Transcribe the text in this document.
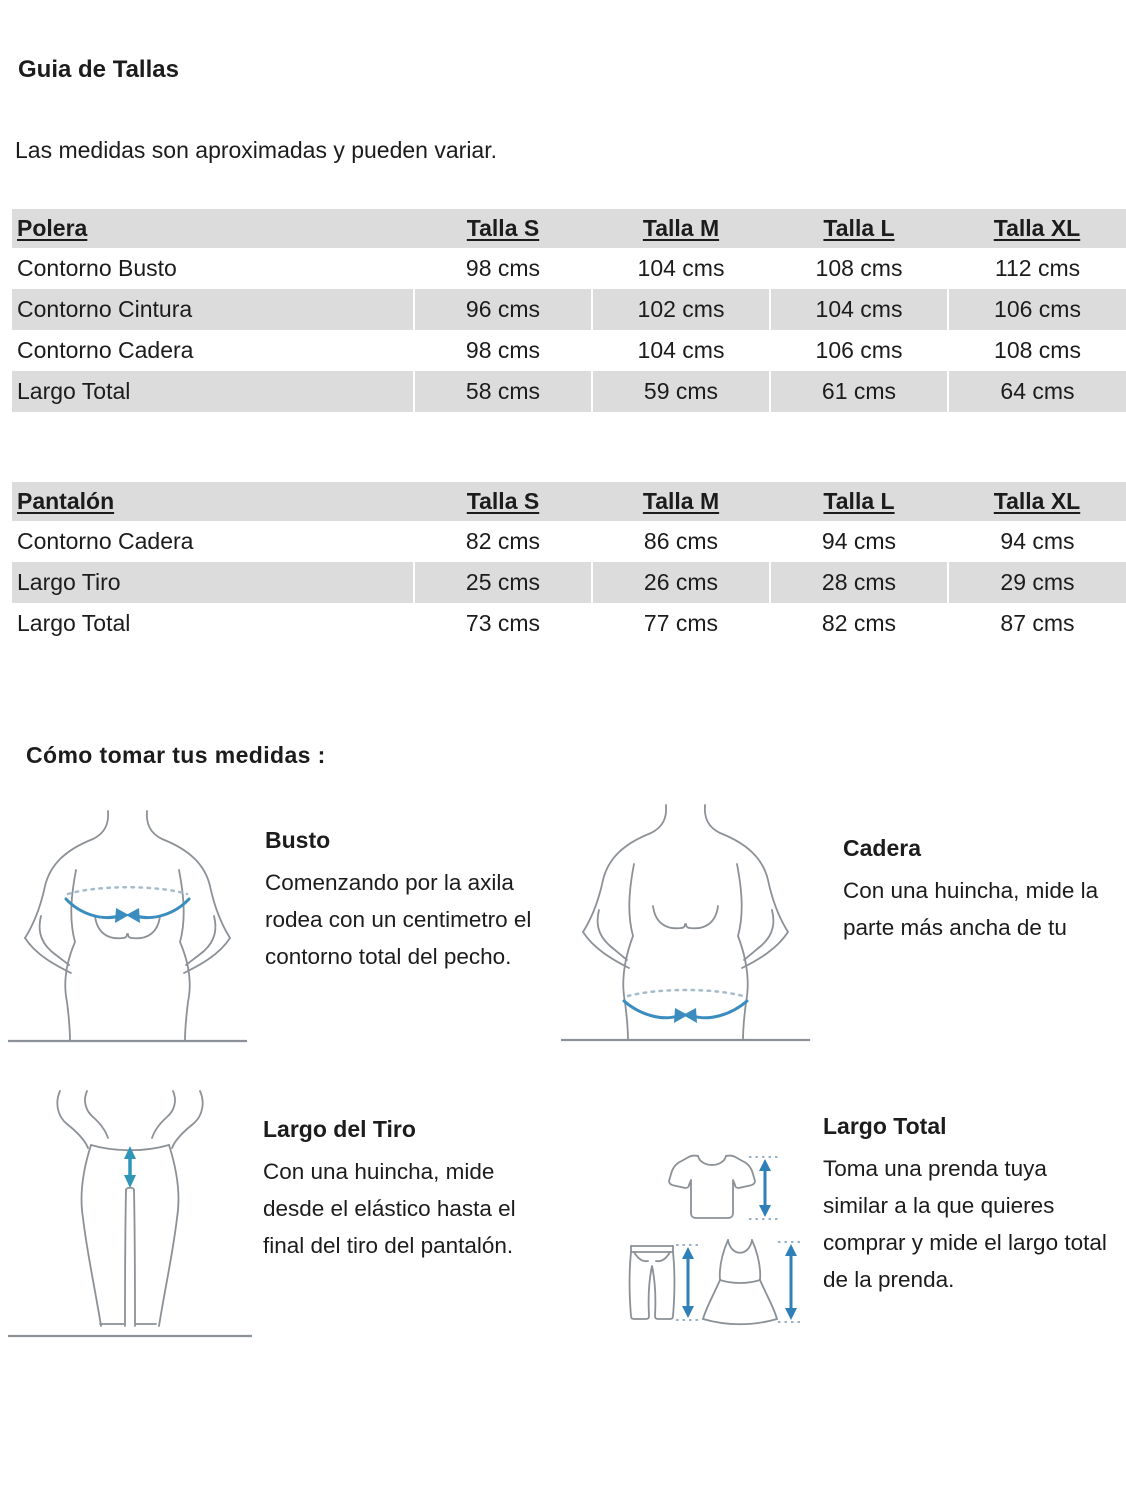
Guia de Tallas
Las medidas son aproximadas y pueden variar.
Polera	Talla S	Talla M	Talla L	Talla XL
Contorno Busto	98 cms	104 cms	108 cms	112 cms
Contorno Cintura	96 cms	102 cms	104 cms	106 cms
Contorno Cadera	98 cms	104 cms	106 cms	108 cms
Largo Total	58 cms	59 cms	61 cms	64 cms
Pantalón	Talla S	Talla M	Talla L	Talla XL
Contorno Cadera	82 cms	86 cms	94 cms	94 cms
Largo Tiro	25 cms	26 cms	28 cms	29 cms
Largo Total	73 cms	77 cms	82 cms	87 cms
Cómo tomar tus medidas :
Busto
Comenzando por la axila
rodea con un centimetro el
contorno total del pecho.
Cadera
Con una huincha, mide la
parte más ancha de tu
Largo del Tiro
Con una huincha, mide
desde el elástico hasta el
final del tiro del pantalón.
Largo Total
Toma una prenda tuya
similar a la que quieres
comprar y mide el largo total
de la prenda.
